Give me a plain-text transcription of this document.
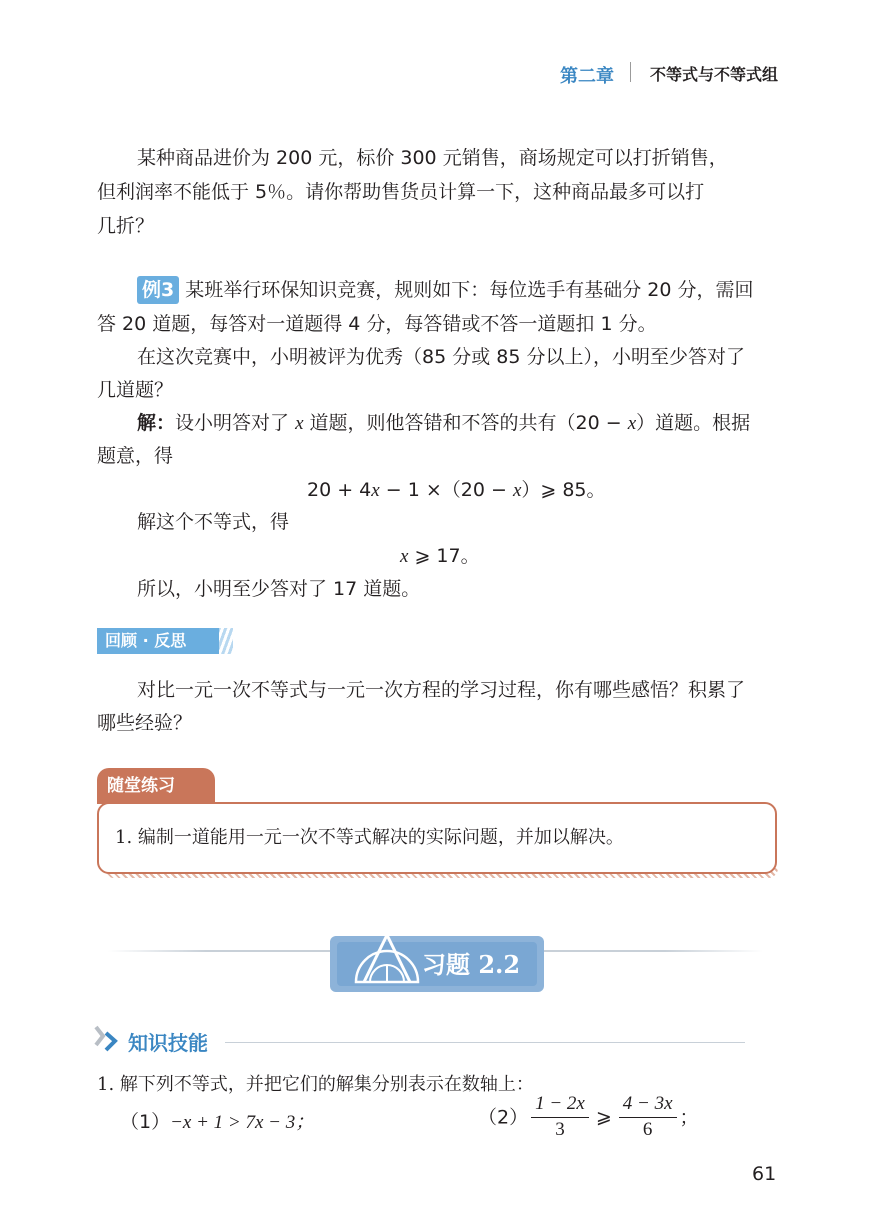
第二章 不等式与不等式组
某种商品进价为 200 元，标价 300 元销售，商场规定可以打折销售，
但利润率不能低于 5％。请你帮助售货员计算一下，这种商品最多可以打
几折？
例3 某班举行环保知识竞赛，规则如下：每位选手有基础分 20 分，需回
答 20 道题，每答对一道题得 4 分，每答错或不答一道题扣 1 分。
在这次竞赛中，小明被评为优秀（85 分或 85 分以上），小明至少答对了
几道题？
解：设小明答对了 x 道题，则他答错和不答的共有（20 − x）道题。根据
题意，得
20 + 4x − 1 ×（20 − x）⩾ 85。
解这个不等式，得
x ⩾ 17。
所以，小明至少答对了 17 道题。
回顾 · 反思
对比一元一次不等式与一元一次方程的学习过程，你有哪些感悟？积累了
哪些经验？
随堂练习
1. 编制一道能用一元一次不等式解决的实际问题，并加以解决。
习题 2.2
知识技能
1. 解下列不等式，并把它们的解集分别表示在数轴上：
（1）−x + 1 > 7x − 3；	$(2) \frac{1 - 2x}{3}$ ⩾ $\frac{4 - 3x}{6}$ ；
61
